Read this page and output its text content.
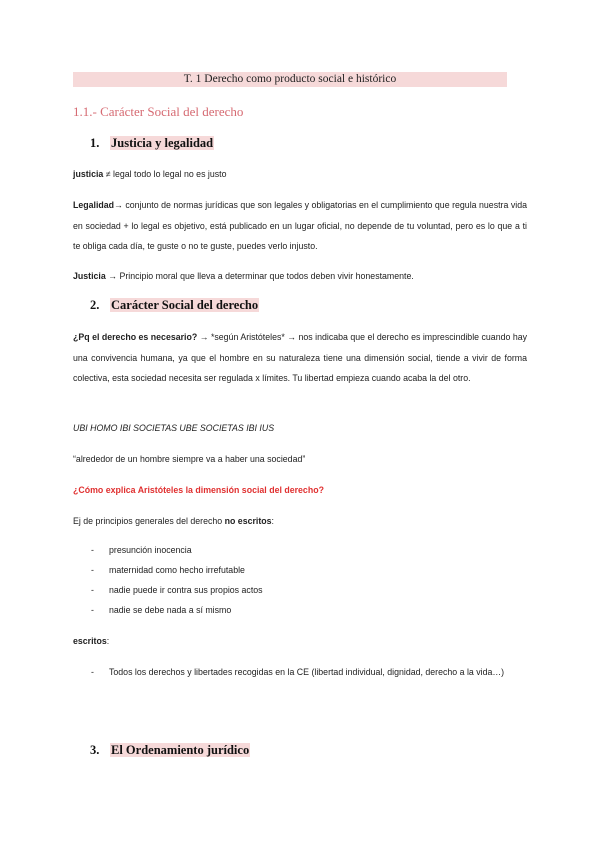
T. 1 Derecho como producto social e histórico
1.1.- Carácter Social del derecho
1. Justicia y legalidad
justicia ≠ legal todo lo legal no es justo
Legalidad→ conjunto de normas jurídicas que son legales y obligatorias en el cumplimiento que regula nuestra vida en sociedad + lo legal es objetivo, está publicado en un lugar oficial, no depende de tu voluntad, pero es lo que a ti te obliga cada día, te guste o no te guste, puedes verlo injusto.
Justicia → Principio moral que lleva a determinar que todos deben vivir honestamente.
2. Carácter Social del derecho
¿Pq el derecho es necesario? → *según Aristóteles* → nos indicaba que el derecho es imprescindible cuando hay una convivencia humana, ya que el hombre en su naturaleza tiene una dimensión social, tiende a vivir de forma colectiva, esta sociedad necesita ser regulada x límites. Tu libertad empieza cuando acaba la del otro.
UBI HOMO IBI SOCIETAS UBE SOCIETAS IBI IUS
“alrededor de un hombre siempre va a haber una sociedad”
¿Cómo explica Aristóteles la dimensión social del derecho?
Ej de principios generales del derecho no escritos:
- presunción inocencia
- maternidad como hecho irrefutable
- nadie puede ir contra sus propios actos
- nadie se debe nada a sí mismo
escritos:
- Todos los derechos y libertades recogidas en la CE (libertad individual, dignidad, derecho a la vida…)
3. El Ordenamiento jurídico
